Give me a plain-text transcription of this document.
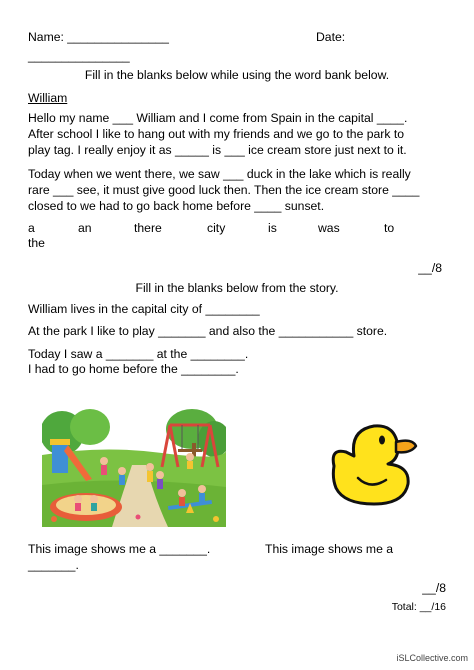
Name: _______________	Date:
_______________
Fill in the blanks below while using the word bank below.
William
Hello my name ___ William and I come from Spain in the capital ____.
After school I like to hang out with my friends and we go to the park to
play tag. I really enjoy it as _____ is ___ ice cream store just next to it.
Today when we went there, we saw ___ duck in the lake which is really
rare ___ see, it must give good luck then. Then the ice cream store ____
closed to we had to go back home before ____ sunset.
a	an	there	city	is	was	to
the
__/8
Fill in the blanks below from the story.
William lives in the capital city of ________
At the park I like to play _______ and also the ___________ store.
Today I saw a _______ at the ________.
I had to go home before the ________.
This image shows me a _______.	This image shows me a
_______.
__/8
Total: __/16
iSLCollective.com
